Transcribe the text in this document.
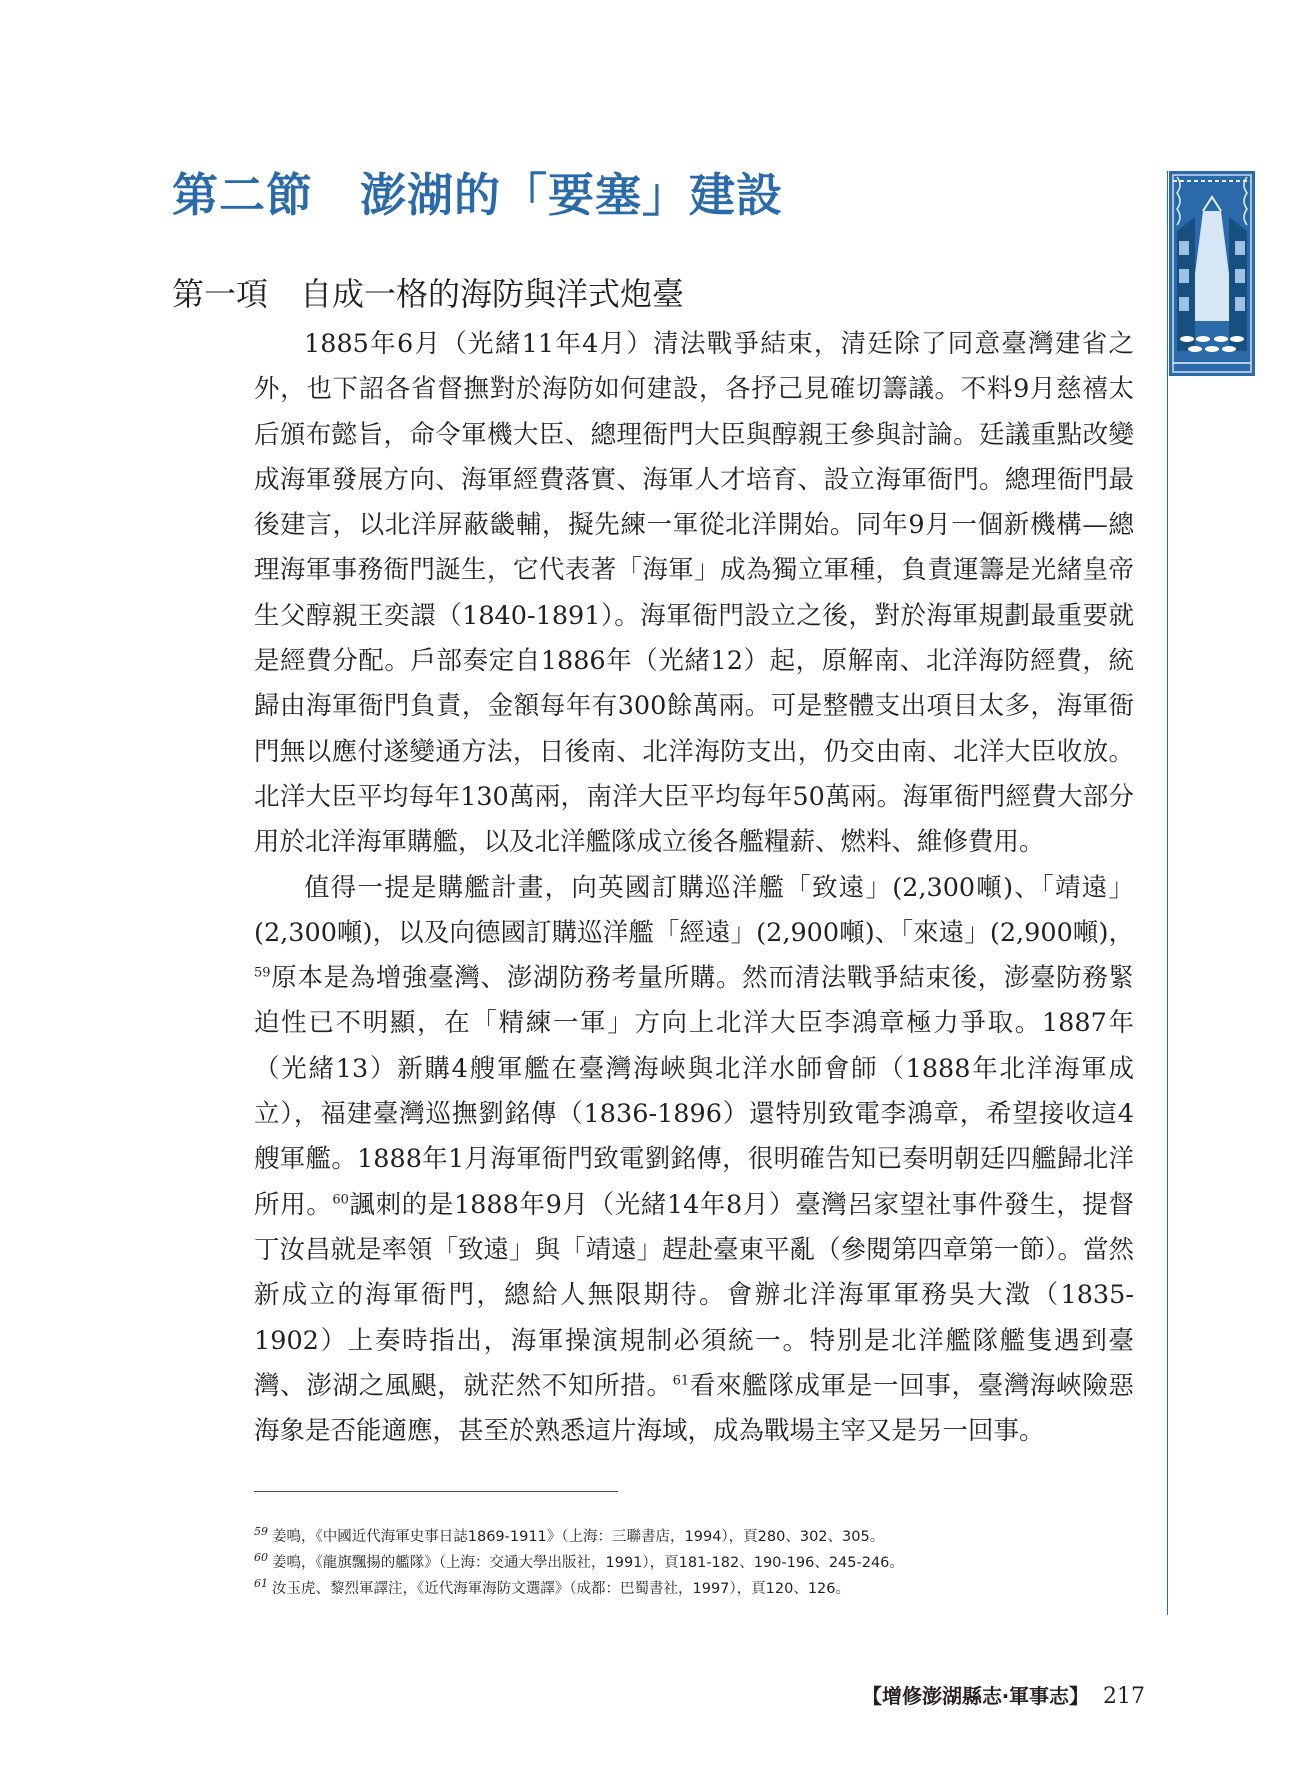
第二節　澎湖的「要塞」建設
第一項　自成一格的海防與洋式炮臺

1885年6月（光緒11年4月）清法戰爭結束，清廷除了同意臺灣建省之外，也下詔各省督撫對於海防如何建設，各抒己見確切籌議。不料9月慈禧太后頒布懿旨，命令軍機大臣、總理衙門大臣與醇親王參與討論。廷議重點改變成海軍發展方向、海軍經費落實、海軍人才培育、設立海軍衙門。總理衙門最後建言，以北洋屏蔽畿輔，擬先練一軍從北洋開始。同年9月一個新機構—總理海軍事務衙門誕生，它代表著「海軍」成為獨立軍種，負責運籌是光緒皇帝生父醇親王奕譞（1840-1891）。海軍衙門設立之後，對於海軍規劃最重要就是經費分配。戶部奏定自1886年（光緒12）起，原解南、北洋海防經費，統歸由海軍衙門負責，金額每年有300餘萬兩。可是整體支出項目太多，海軍衙門無以應付遂變通方法，日後南、北洋海防支出，仍交由南、北洋大臣收放。北洋大臣平均每年130萬兩，南洋大臣平均每年50萬兩。海軍衙門經費大部分用於北洋海軍購艦，以及北洋艦隊成立後各艦糧薪、燃料、維修費用。

值得一提是購艦計畫，向英國訂購巡洋艦「致遠」(2,300噸)、「靖遠」(2,300噸)，以及向德國訂購巡洋艦「經遠」(2,900噸)、「來遠」(2,900噸)，$^{59}$原本是為增強臺灣、澎湖防務考量所購。然而清法戰爭結束後，澎臺防務緊迫性已不明顯，在「精練一軍」方向上北洋大臣李鴻章極力爭取。1887年（光緒13）新購4艘軍艦在臺灣海峽與北洋水師會師（1888年北洋海軍成立），福建臺灣巡撫劉銘傳（1836-1896）還特別致電李鴻章，希望接收這4艘軍艦。1888年1月海軍衙門致電劉銘傳，很明確告知已奏明朝廷四艦歸北洋所用。$^{60}$諷刺的是1888年9月（光緒14年8月）臺灣呂家望社事件發生，提督丁汝昌就是率領「致遠」與「靖遠」趕赴臺東平亂（參閱第四章第一節）。當然新成立的海軍衙門，總給人無限期待。會辦北洋海軍軍務吳大澂（1835-1902）上奏時指出，海軍操演規制必須統一。特別是北洋艦隊艦隻遇到臺灣、澎湖之風颶，就茫然不知所措。$^{61}$看來艦隊成軍是一回事，臺灣海峽險惡海象是否能適應，甚至於熟悉這片海域，成為戰場主宰又是另一回事。

$^{59}$ 姜鳴，《中國近代海軍史事日誌1869-1911》（上海：三聯書店，1994），頁280、302、305。
$^{60}$ 姜鳴，《龍旗飄揚的艦隊》（上海：交通大學出版社，1991），頁181-182、190-196、245-246。
$^{61}$ 汝玉虎、黎烈軍譯注，《近代海軍海防文選譯》（成都：巴蜀書社，1997），頁120、126。
【增修澎湖縣志‧軍事志】 217
